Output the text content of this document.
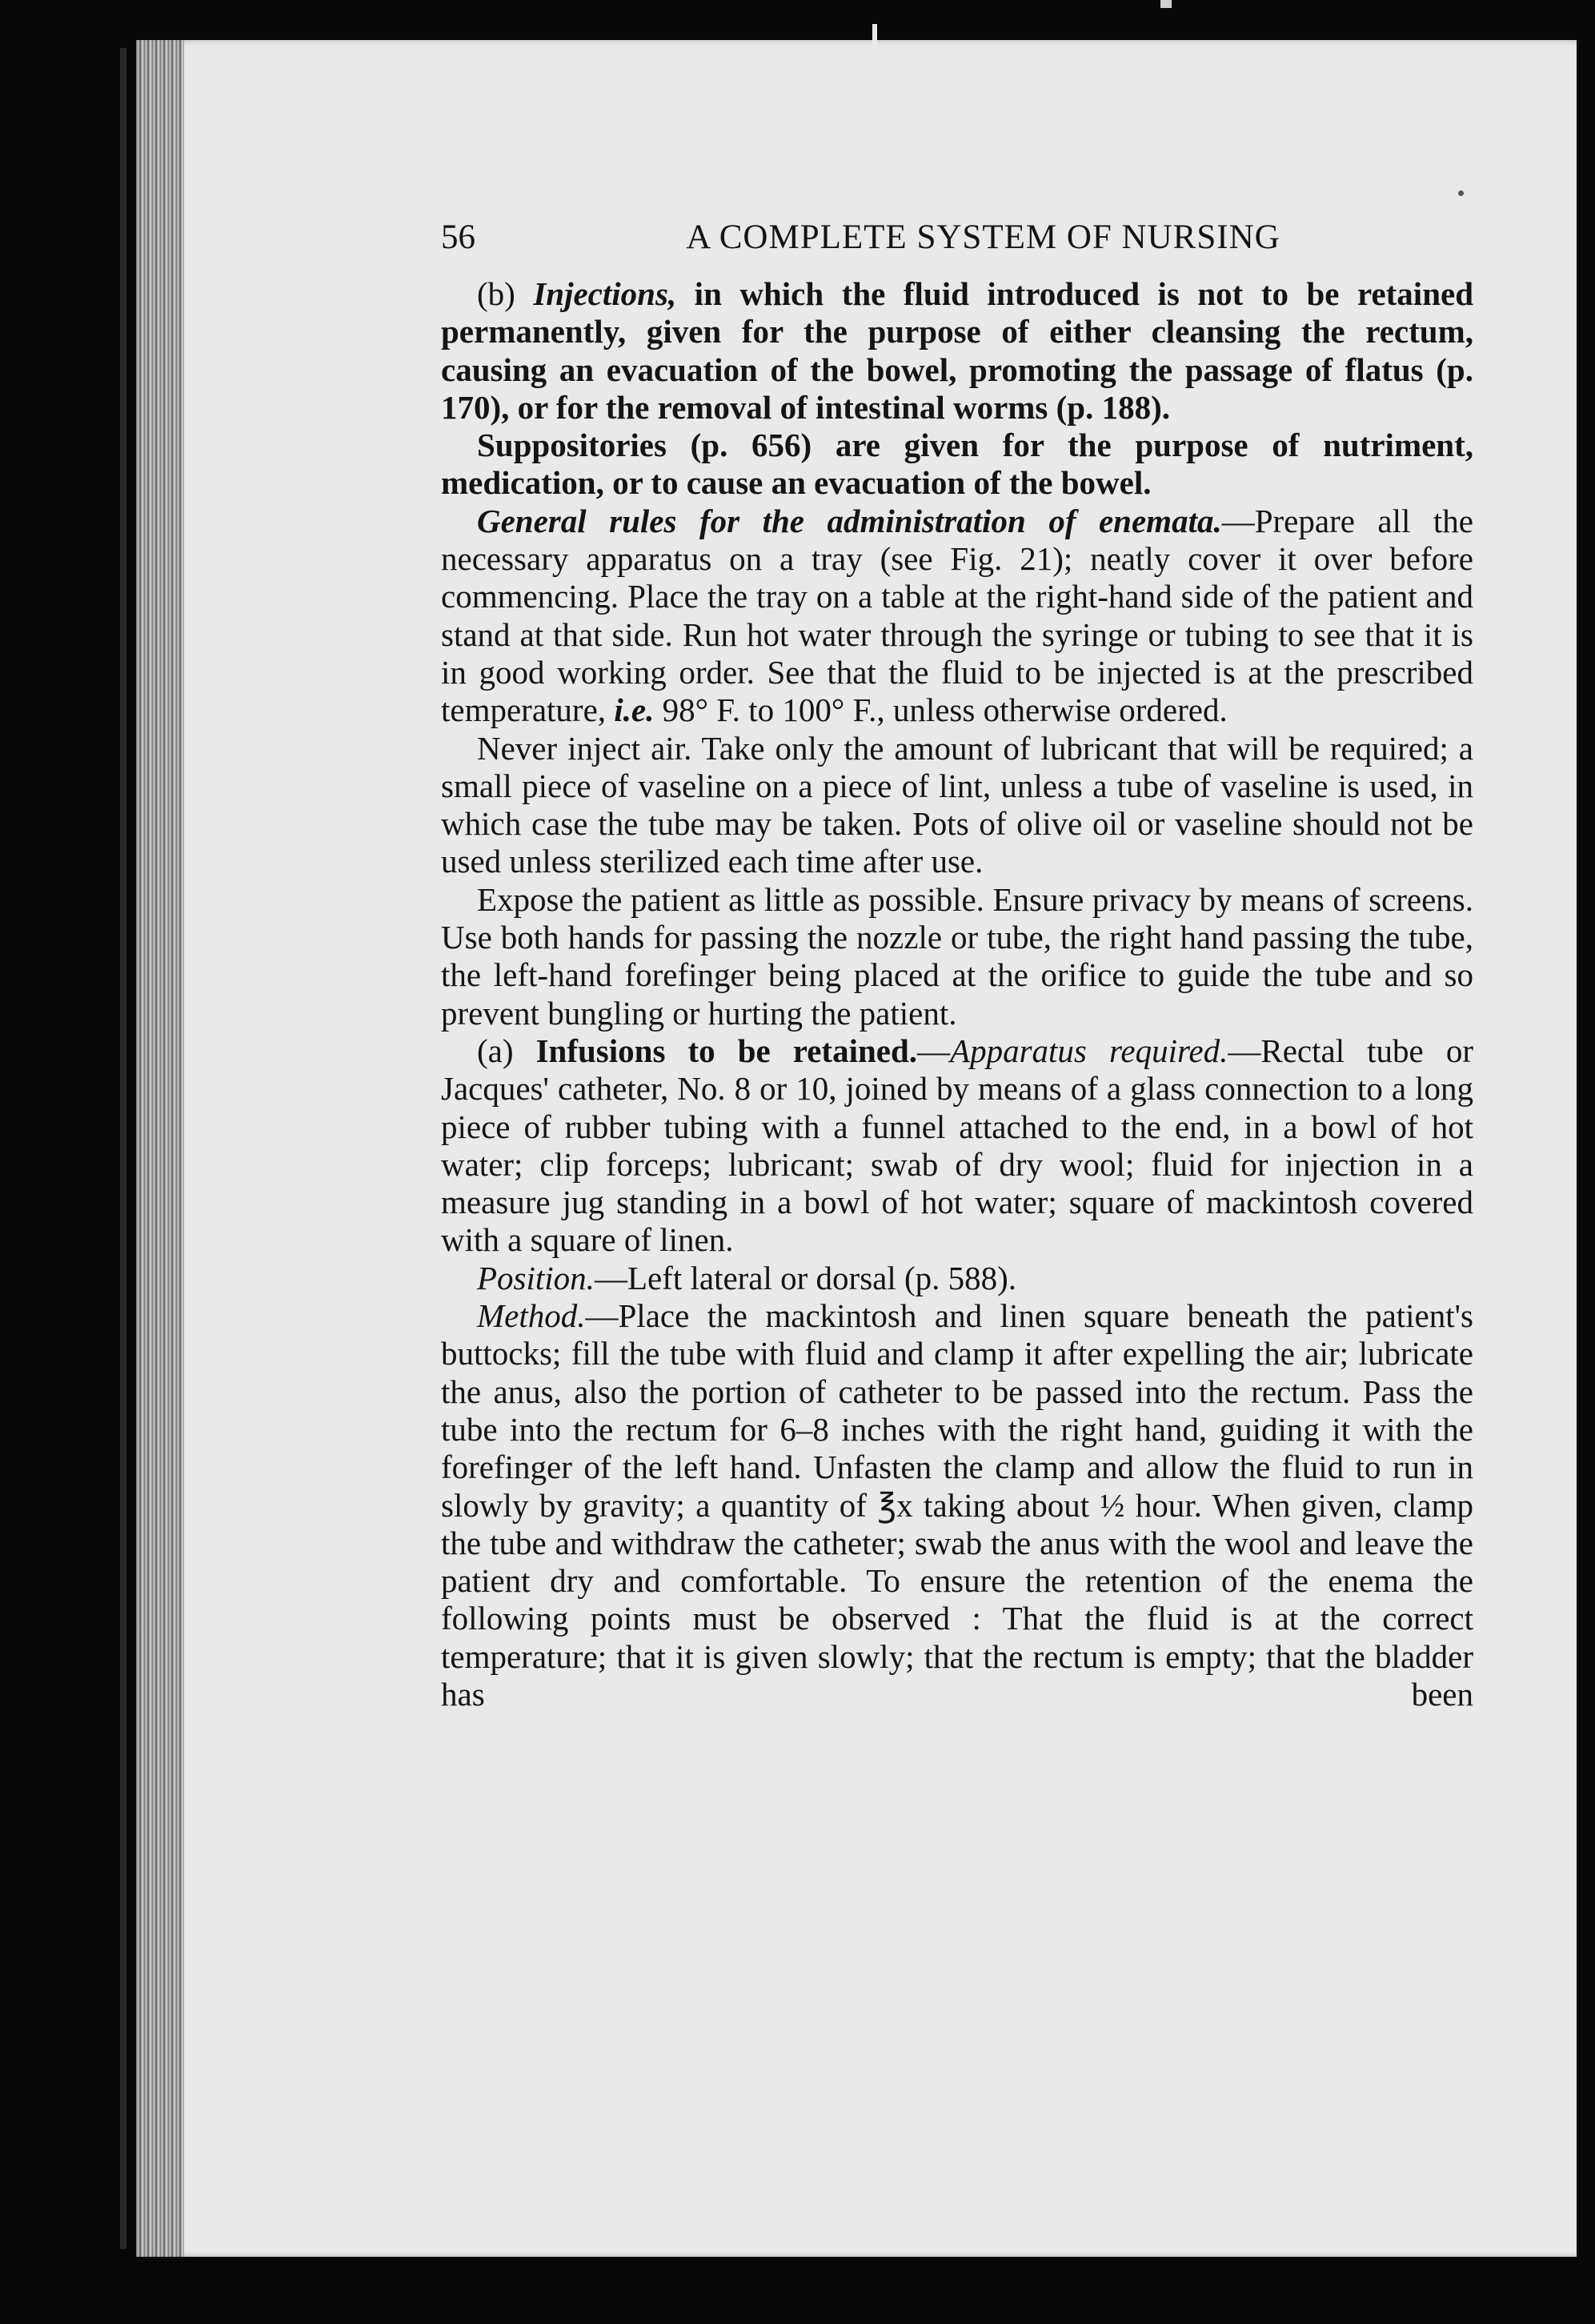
56	A COMPLETE SYSTEM OF NURSING

(b) Injections, in which the fluid introduced is not to be retained permanently, given for the purpose of either cleansing the rectum, causing an evacuation of the bowel, promoting the passage of flatus (p. 170), or for the removal of intestinal worms (p. 188).

Suppositories (p. 656) are given for the purpose of nutriment, medication, or to cause an evacuation of the bowel.

General rules for the administration of enemata.—Prepare all the necessary apparatus on a tray (see Fig. 21); neatly cover it over before commencing. Place the tray on a table at the right-hand side of the patient and stand at that side. Run hot water through the syringe or tubing to see that it is in good working order. See that the fluid to be injected is at the prescribed temperature, i.e. 98° F. to 100° F., unless otherwise ordered.

Never inject air. Take only the amount of lubricant that will be required; a small piece of vaseline on a piece of lint, unless a tube of vaseline is used, in which case the tube may be taken. Pots of olive oil or vaseline should not be used unless sterilized each time after use.

Expose the patient as little as possible. Ensure privacy by means of screens. Use both hands for passing the nozzle or tube, the right hand passing the tube, the left-hand forefinger being placed at the orifice to guide the tube and so prevent bungling or hurting the patient.

(a) Infusions to be retained.—Apparatus required.—Rectal tube or Jacques' catheter, No. 8 or 10, joined by means of a glass connection to a long piece of rubber tubing with a funnel attached to the end, in a bowl of hot water; clip forceps; lubricant; swab of dry wool; fluid for injection in a measure jug standing in a bowl of hot water; square of mackintosh covered with a square of linen.

Position.—Left lateral or dorsal (p. 588).

Method.—Place the mackintosh and linen square beneath the patient's buttocks; fill the tube with fluid and clamp it after expelling the air; lubricate the anus, also the portion of catheter to be passed into the rectum. Pass the tube into the rectum for 6–8 inches with the right hand, guiding it with the forefinger of the left hand. Unfasten the clamp and allow the fluid to run in slowly by gravity; a quantity of ℥x taking about ½ hour. When given, clamp the tube and withdraw the catheter; swab the anus with the wool and leave the patient dry and comfortable. To ensure the retention of the enema the following points must be observed : That the fluid is at the correct temperature; that it is given slowly; that the rectum is empty; that the bladder has been
